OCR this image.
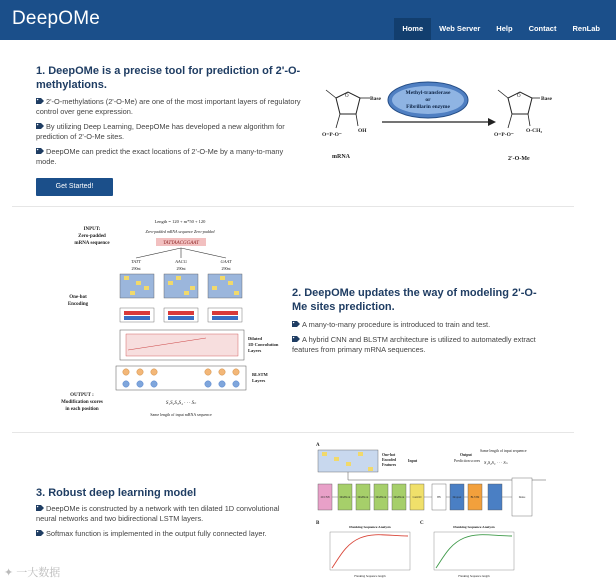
DeepOMe	Home	Web Server	Help	Contact	RenLab
1. DeepOMe is a precise tool for prediction of 2'-O-methylations.
2'-O-methylations (2'-O-Me) are one of the most important layers of regulatory control over gene expression.
By utilizing Deep Learning, DeepOMe has developed a new algorithm for prediction of 2'-O-Me sites.
DeepOMe can predict the exact locations of 2'-O-Me by a many-to-many mode.
Get Started!
O	Base
OH
O=P-O⁻
mRNA
Methyl-transferase
or
Fibrillarin enzyme
O	Base
O-CH₃
O=P-O⁻
2'-O-Me
Length = 120 + m*50 + 120
INPUT:
Zero-padded
mRNA sequence
Zero-padded mRNA sequence Zero-padded
TATTAACGGAAT
TATT	AACG	GAAT
290nt	290nt	290nt
One-hot
Encoding
Dilated
1D Convolution
Layers
BLSTM
Layers
OUTPUT :
Modification scores
in each position
S₁S₂S₃S₄ · · · Sₙ
Same length of input mRNA sequence
2. DeepOMe updates the way of modeling 2'-O-Me sites prediction.
A many-to-many procedure is introduced to train and test.
A hybrid CNN and BLSTM architecture is utilized to automatedly extract features from primary mRNA sequences.
3. Robust deep learning model
DeepOMe is constructed by a network with ten dilated 1D convolutional neural networks and two bidirectional LSTM layers.
Softmax function is implemented in the output fully connected layer.
A
One-hot
Encoded
Features
Input
Output
Prediction scores
Same length of input sequence
S₁S₂S₃ · · · Sₙ
1D CNN	DilaBlock	DilaBlock	DilaBlock	DilaBlock	Conv1D	BN	Dropout	BLSTM	Dense
B
Flanking Sequence Analysis
Flanking Sequence length
C
Flanking Sequence Analysis
Flanking Sequence length
✦ 一大数据
